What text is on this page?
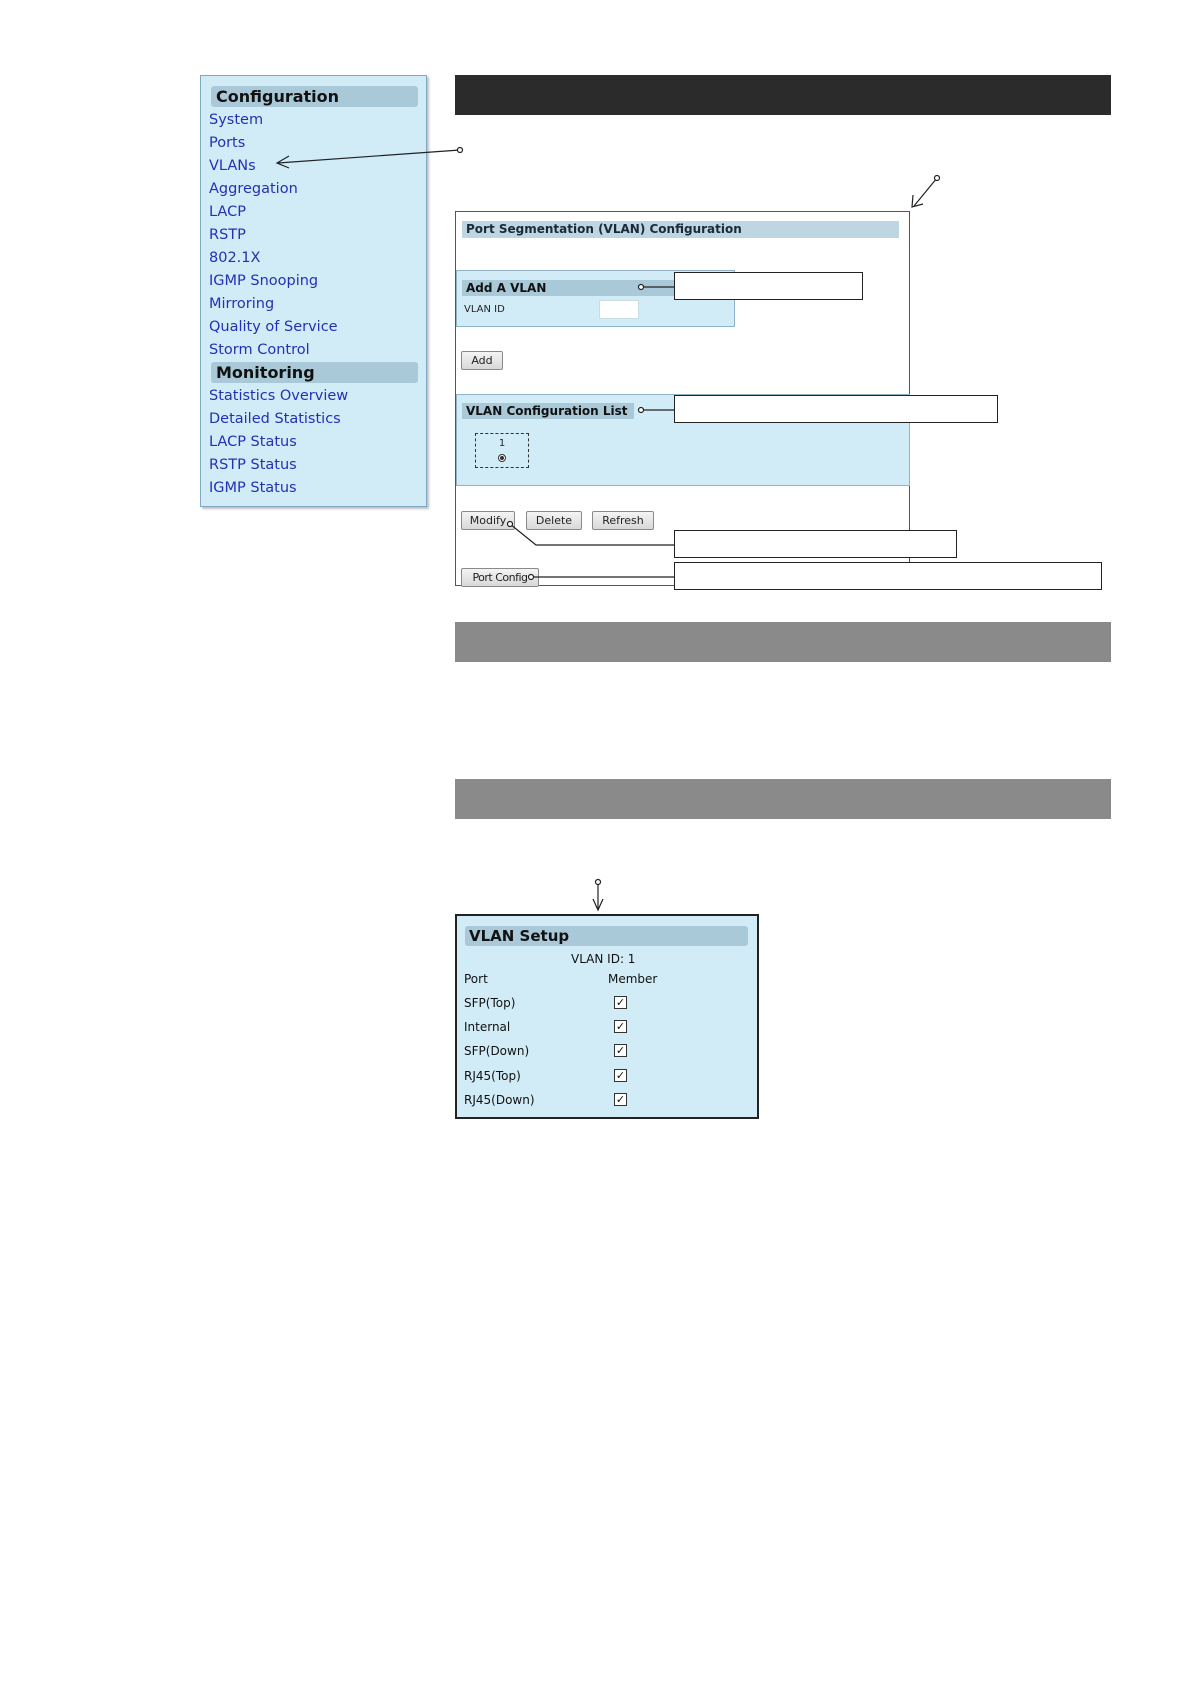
Configuration
System
Ports
VLANs
Aggregation
LACP
RSTP
802.1X
IGMP Snooping
Mirroring
Quality of Service
Storm Control
Monitoring
Statistics Overview
Detailed Statistics
LACP Status
RSTP Status
IGMP Status
Port Segmentation (VLAN) Configuration
Add A VLAN
VLAN ID
Add
VLAN Configuration List
1
Modify	Delete	Refresh
Port Config
VLAN Setup
VLAN ID: 1
Port	Member
SFP(Top)	✓
Internal	✓
SFP(Down)	✓
RJ45(Top)	✓
RJ45(Down)	✓
